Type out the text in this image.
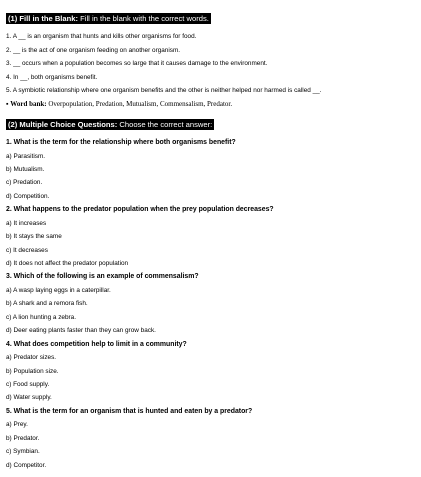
(1) Fill in the Blank: Fill in the blank with the correct words.
1. A __ is an organism that hunts and kills other organisms for food.
2. __ is the act of one organism feeding on another organism.
3. __ occurs when a population becomes so large that it causes damage to the environment.
4. In __, both organisms benefit.
5. A symbiotic relationship where one organism benefits and the other is neither helped nor harmed is called __.
▪ Word bank: Overpopulation, Predation, Mutualism, Commensalism, Predator.
(2) Multiple Choice Questions: Choose the correct answer:
1. What is the term for the relationship where both organisms benefit?
a) Parasitism.
b) Mutualism.
c) Predation.
d) Competition.
2. What happens to the predator population when the prey population decreases?
a) It increases
b) It stays the same
c) It decreases
d) It does not affect the predator population
3. Which of the following is an example of commensalism?
a) A wasp laying eggs in a caterpillar.
b) A shark and a remora fish.
c) A lion hunting a zebra.
d) Deer eating plants faster than they can grow back.
4. What does competition help to limit in a community?
a) Predator sizes.
b) Population size.
c) Food supply.
d) Water supply.
5. What is the term for an organism that is hunted and eaten by a predator?
a) Prey.
b) Predator.
c) Symbian.
d) Competitor.
